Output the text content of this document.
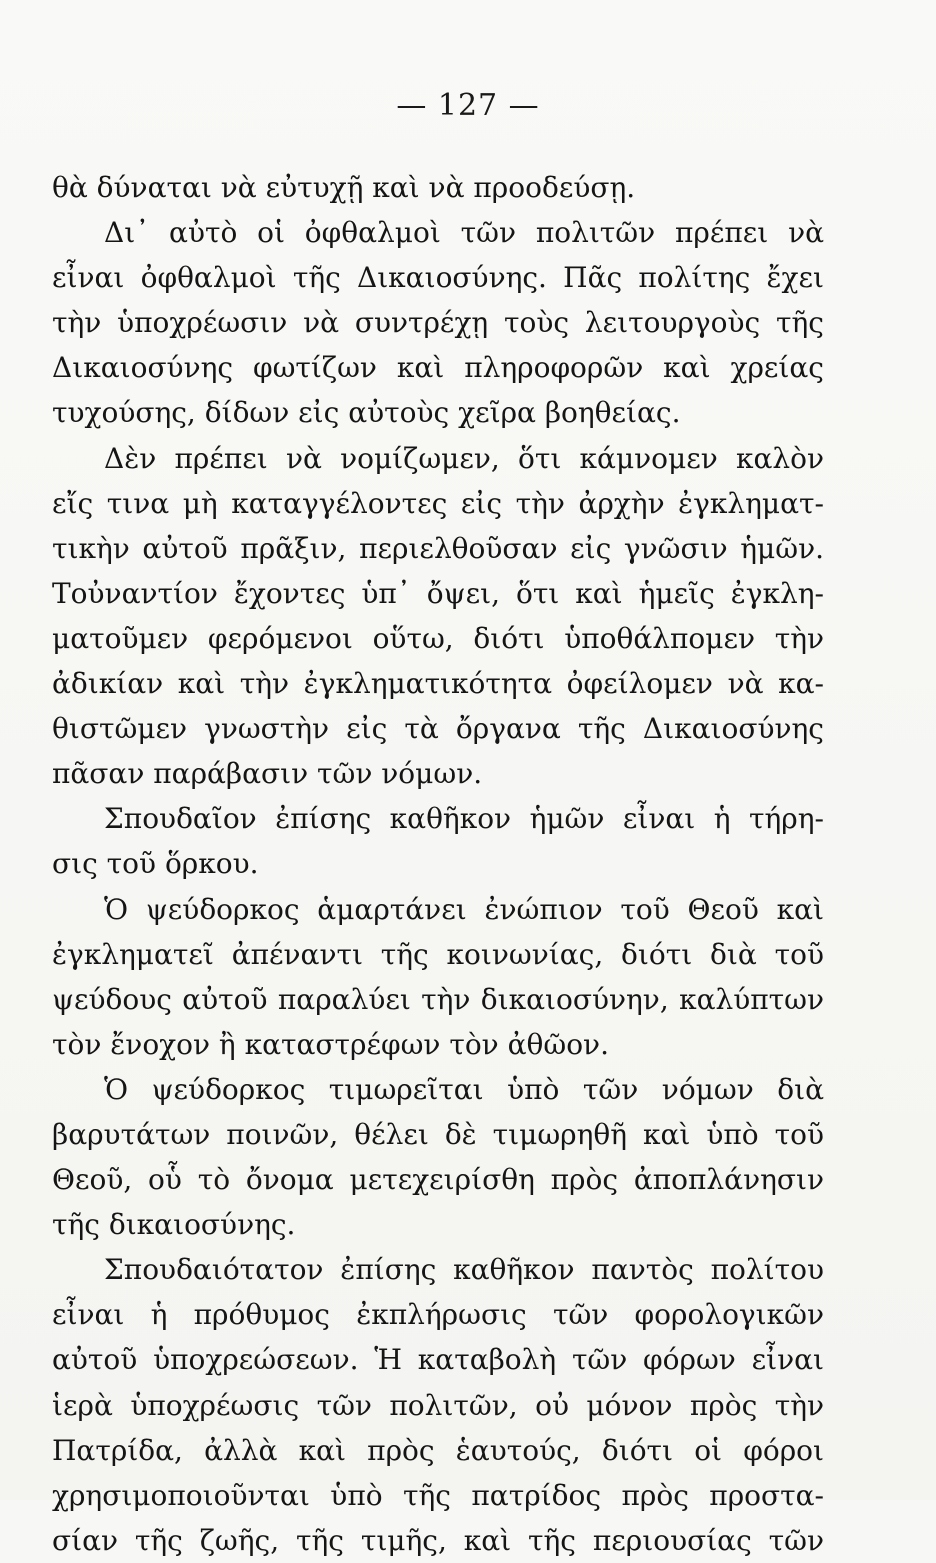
— 127 —
θὰ δύναται νὰ εὐτυχῇ καὶ νὰ προοδεύσῃ.
Δι᾿ αὐτὸ οἱ ὀφθαλμοὶ τῶν πολιτῶν πρέπει νὰ
εἶναι ὀφθαλμοὶ τῆς Δικαιοσύνης. Πᾶς πολίτης ἔχει
τὴν ὑποχρέωσιν νὰ συντρέχῃ τοὺς λειτουργοὺς τῆς
Δικαιοσύνης φωτίζων καὶ πληροφορῶν καὶ χρείας
τυχούσης, δίδων εἰς αὐτοὺς χεῖρα βοηθείας.
Δὲν πρέπει νὰ νομίζωμεν, ὅτι κάμνομεν καλὸν
εἴς τινα μὴ καταγγέλοντες εἰς τὴν ἀρχὴν ἐγκληματ-
τικὴν αὐτοῦ πρᾶξιν, περιελθοῦσαν εἰς γνῶσιν ἡμῶν.
Τοὐναντίον ἔχοντες ὑπ᾿ ὄψει, ὅτι καὶ ἡμεῖς ἐγκλη-
ματοῦμεν φερόμενοι οὕτω, διότι ὑποθάλπομεν τὴν
ἀδικίαν καὶ τὴν ἐγκληματικότητα ὀφείλομεν νὰ κα-
θιστῶμεν γνωστὴν εἰς τὰ ὄργανα τῆς Δικαιοσύνης
πᾶσαν παράβασιν τῶν νόμων.
Σπουδαῖον ἐπίσης καθῆκον ἡμῶν εἶναι ἡ τήρη-
σις τοῦ ὅρκου.
Ὁ ψεύδορκος ἁμαρτάνει ἐνώπιον τοῦ Θεοῦ καὶ
ἐγκληματεῖ ἀπέναντι τῆς κοινωνίας, διότι διὰ τοῦ
ψεύδους αὐτοῦ παραλύει τὴν δικαιοσύνην, καλύπτων
τὸν ἔνοχον ἢ καταστρέφων τὸν ἀθῶον.
Ὁ ψεύδορκος τιμωρεῖται ὑπὸ τῶν νόμων διὰ
βαρυτάτων ποινῶν, θέλει δὲ τιμωρηθῆ καὶ ὑπὸ τοῦ
Θεοῦ, οὗ τὸ ὄνομα μετεχειρίσθη πρὸς ἀποπλάνησιν
τῆς δικαιοσύνης.
Σπουδαιότατον ἐπίσης καθῆκον παντὸς πολίτου
εἶναι ἡ πρόθυμος ἐκπλήρωσις τῶν φορολογικῶν
αὐτοῦ ὑποχρεώσεων. Ἡ καταβολὴ τῶν φόρων εἶναι
ἱερὰ ὑποχρέωσις τῶν πολιτῶν, οὐ μόνον πρὸς τὴν
Πατρίδα, ἀλλὰ καὶ πρὸς ἑαυτούς, διότι οἱ φόροι
χρησιμοποιοῦνται ὑπὸ τῆς πατρίδος πρὸς προστα-
σίαν τῆς ζωῆς, τῆς τιμῆς, καὶ τῆς περιουσίας τῶν
